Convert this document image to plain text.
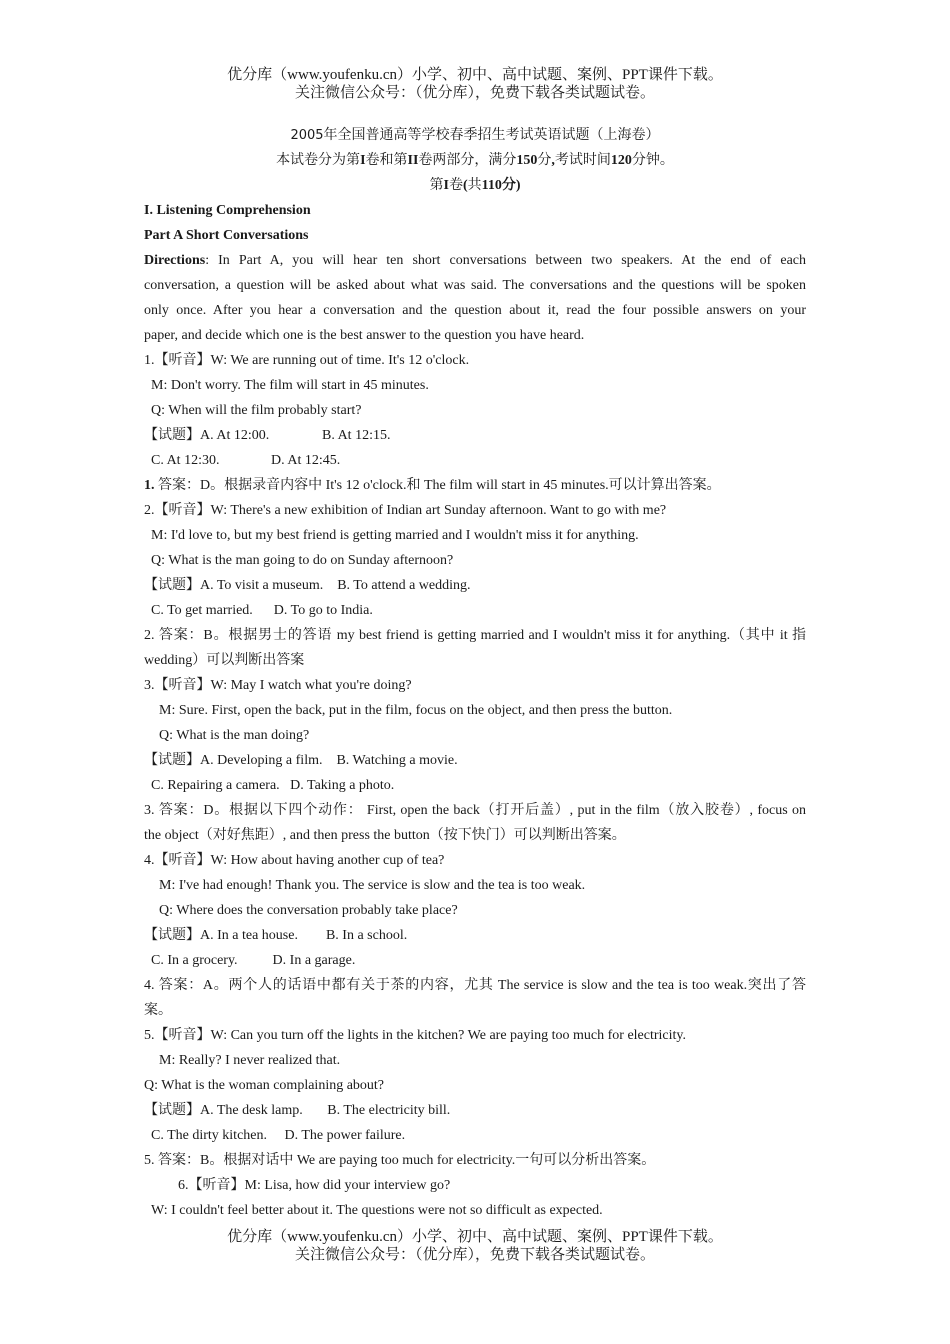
优分库（www.youfenku.cn）小学、初中、高中试题、案例、PPT课件下载。
关注微信公众号：（优分库），免费下载各类试题试卷。
2005年全国普通高等学校春季招生考试英语试题（上海卷）
本试卷分为第I卷和第II卷两部分，满分150分,考试时间120分钟。
第I卷(共110分)

I. Listening Comprehension

Part A Short Conversations

Directions: In Part A, you will hear ten short conversations between two speakers. At the end of each

conversation, a question will be asked about what was said. The conversations and the questions will be spoken

only once. After you hear a conversation and the question about it, read the four possible answers on your

paper, and decide which one is the best answer to the question you have heard.

1.【听音】W: We are running out of time. It's 12 o'clock.

M: Don't worry. The film will start in 45 minutes.

Q: When will the film probably start?

【试题】A. At 12:00.	B. At 12:15.

C. At 12:30.	D. At 12:45.

1. 答案：D。根据录音内容中 It's 12 o'clock.和 The film will start in 45 minutes.可以计算出答案。

2.【听音】W: There's a new exhibition of Indian art Sunday afternoon. Want to go with me?

M: I'd love to, but my best friend is getting married and I wouldn't miss it for anything.

Q: What is the man going to do on Sunday afternoon?

【试题】A. To visit a museum.    B. To attend a wedding.

C. To get married.      D. To go to India.

2. 答案：B。根据男士的答语 my best friend is getting married and I wouldn't miss it for anything.（其中 it 指

wedding）可以判断出答案

3.【听音】W: May I watch what you're doing?

M: Sure. First, open the back, put in the film, focus on the object, and then press the button.

Q: What is the man doing?

【试题】A. Developing a film.    B. Watching a movie.

C. Repairing a camera.   D. Taking a photo.

3. 答案：D。根据以下四个动作： First, open the back（打开后盖）, put in the film（放入胶卷）, focus on

the object（对好焦距）, and then press the button（按下快门）可以判断出答案。

4.【听音】W: How about having another cup of tea?

M: I've had enough! Thank you. The service is slow and the tea is too weak.

Q: Where does the conversation probably take place?

【试题】A. In a tea house.        B. In a school.

C. In a grocery.          D. In a garage.

4. 答案：A。两个人的话语中都有关于茶的内容，尤其 The service is slow and the tea is too weak.突出了答

案。

5.【听音】W: Can you turn off the lights in the kitchen? We are paying too much for electricity.

M: Really? I never realized that.

Q: What is the woman complaining about?

【试题】A. The desk lamp.       B. The electricity bill.

C. The dirty kitchen.     D. The power failure.

5. 答案：B。根据对话中 We are paying too much for electricity.一句可以分析出答案。

6.【听音】M: Lisa, how did your interview go?

W: I couldn't feel better about it. The questions were not so difficult as expected.

优分库（www.youfenku.cn）小学、初中、高中试题、案例、PPT课件下载。
关注微信公众号：（优分库），免费下载各类试题试卷。
